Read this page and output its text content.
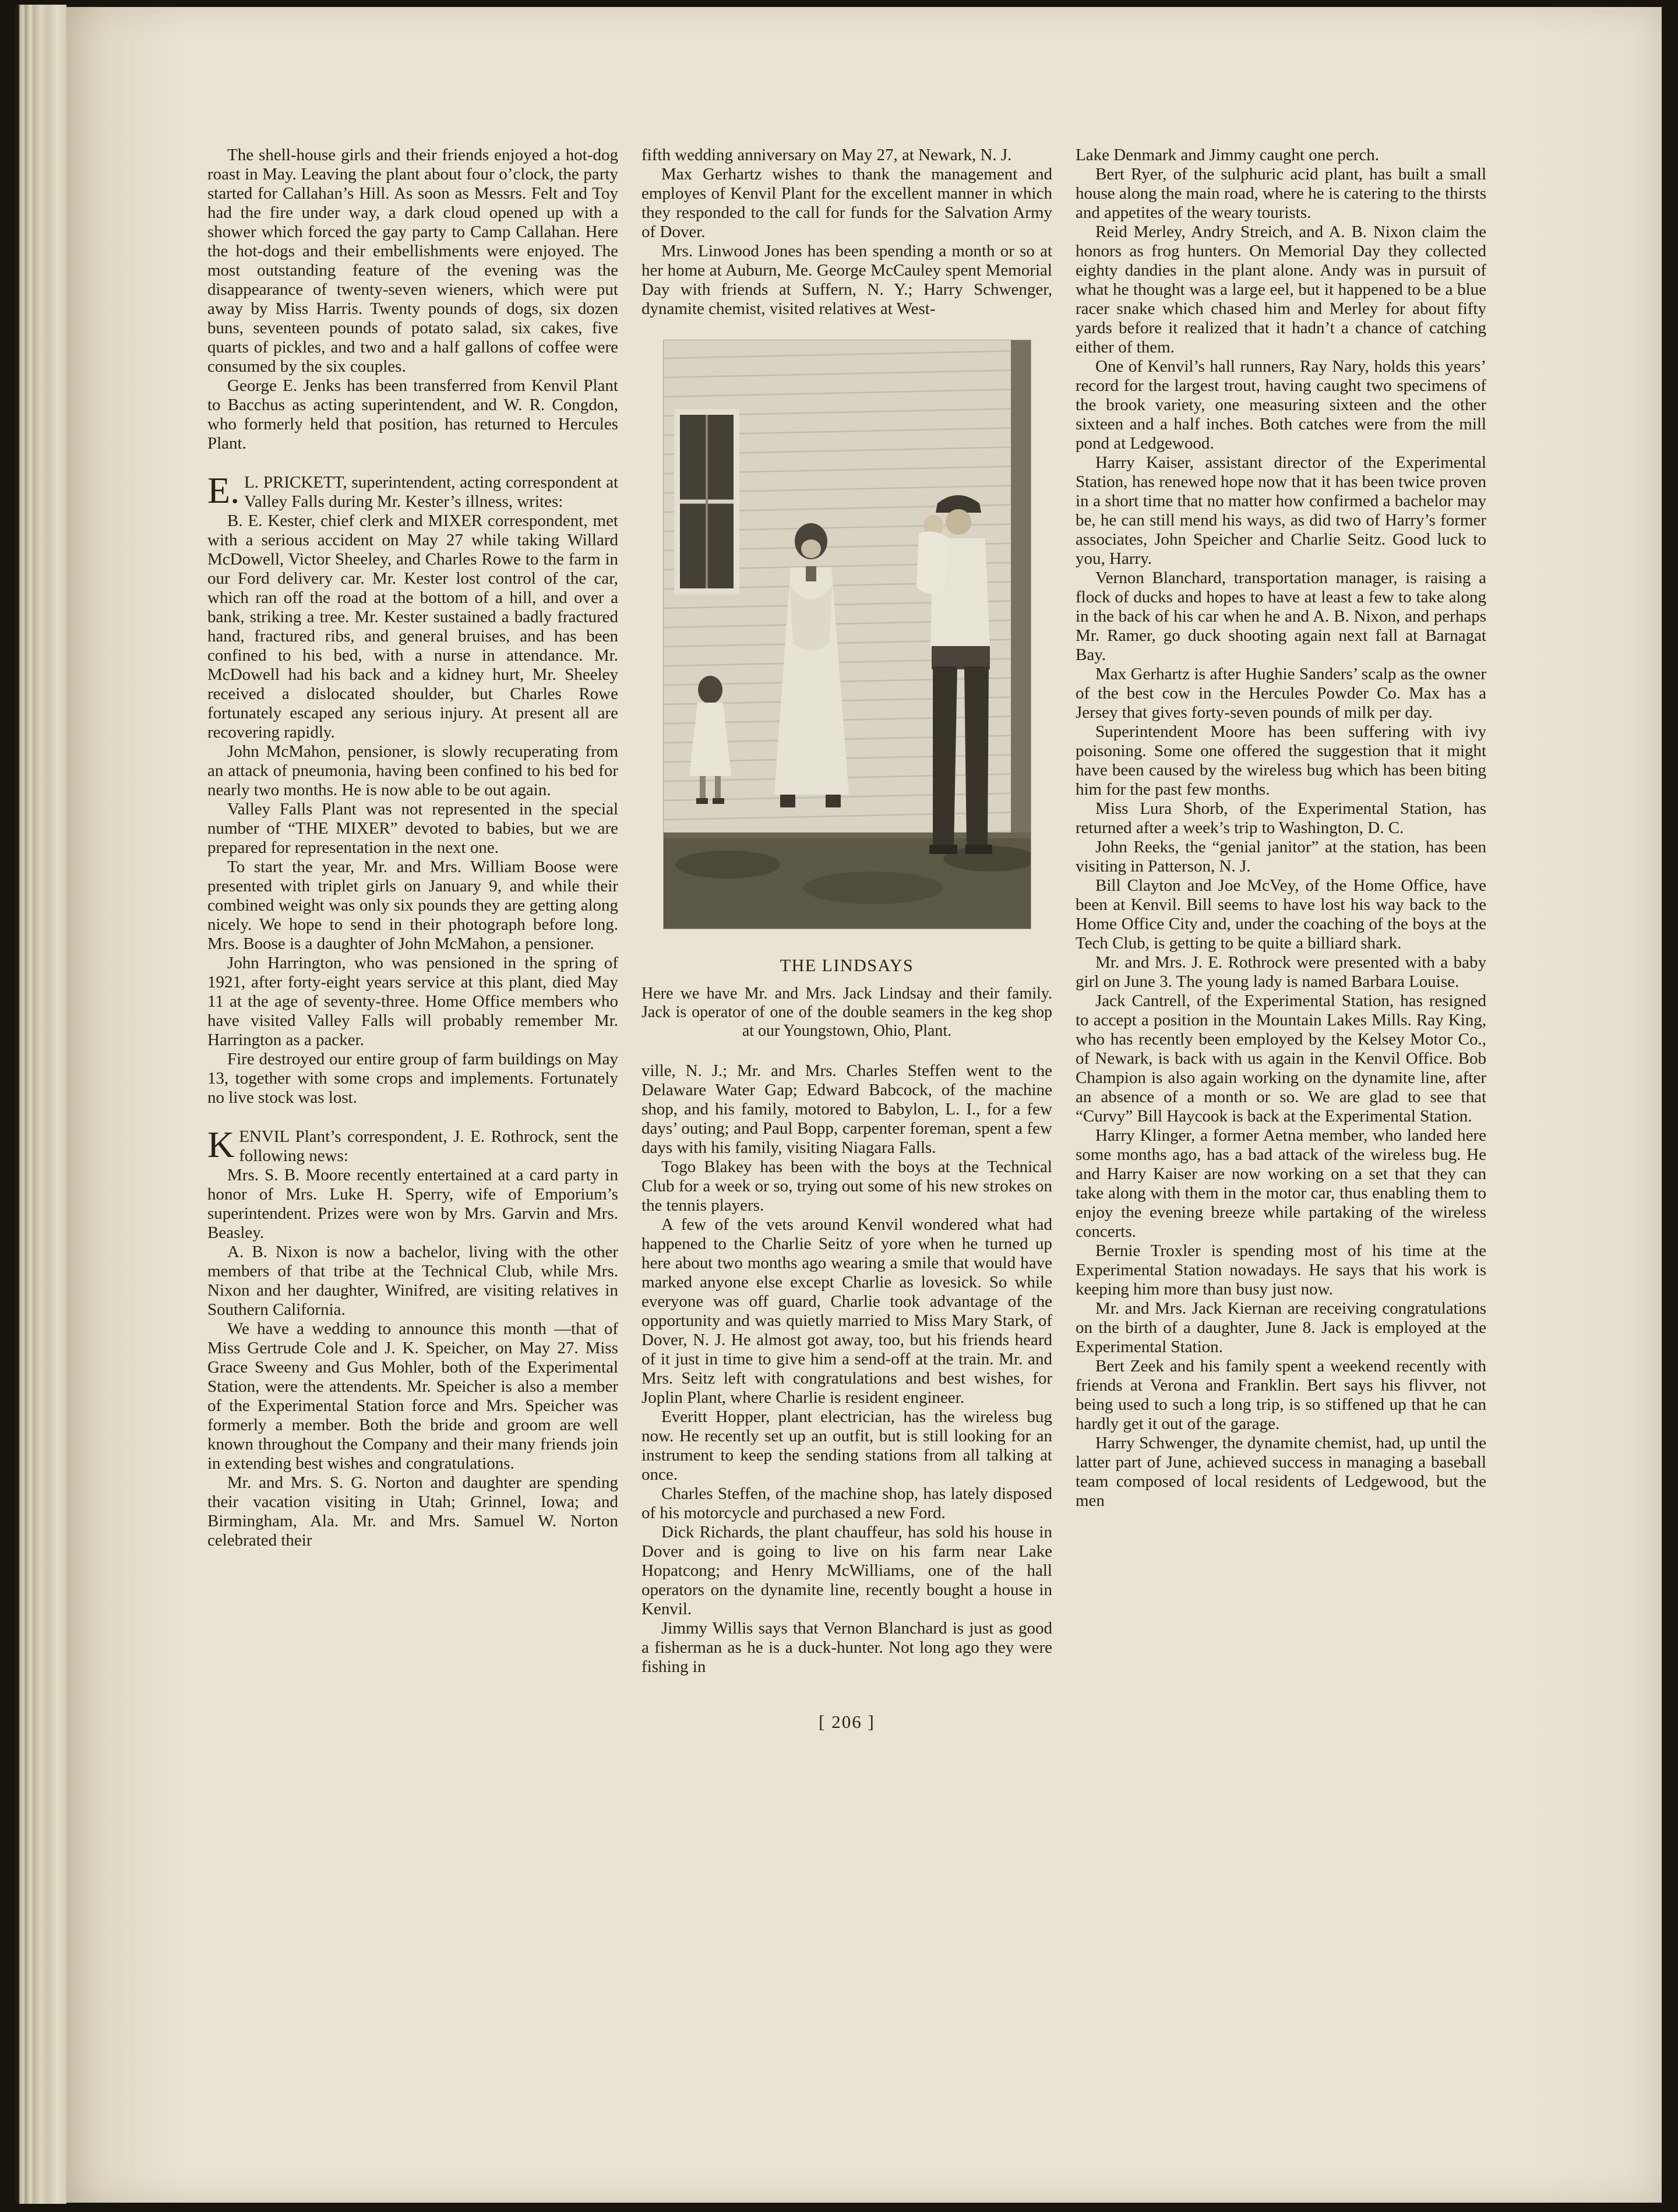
The shell-house girls and their friends enjoyed a hot-dog roast in May. Leaving the plant about four o’clock, the party started for Callahan’s Hill. As soon as Messrs. Felt and Toy had the fire under way, a dark cloud opened up with a shower which forced the gay party to Camp Callahan. Here the hot-dogs and their embellishments were enjoyed. The most outstanding feature of the evening was the disappearance of twenty-seven wieners, which were put away by Miss Harris. Twenty pounds of dogs, six dozen buns, seventeen pounds of potato salad, six cakes, five quarts of pickles, and two and a half gallons of coffee were consumed by the six couples.

George E. Jenks has been transferred from Kenvil Plant to Bacchus as acting superintendent, and W. R. Congdon, who formerly held that position, has returned to Hercules Plant.

E. L. PRICKETT, superintendent, acting correspondent at Valley Falls during Mr. Kester’s illness, writes:

B. E. Kester, chief clerk and MIXER correspondent, met with a serious accident on May 27 while taking Willard McDowell, Victor Sheeley, and Charles Rowe to the farm in our Ford delivery car. Mr. Kester lost control of the car, which ran off the road at the bottom of a hill, and over a bank, striking a tree. Mr. Kester sustained a badly fractured hand, fractured ribs, and general bruises, and has been confined to his bed, with a nurse in attendance. Mr. McDowell had his back and a kidney hurt, Mr. Sheeley received a dislocated shoulder, but Charles Rowe fortunately escaped any serious injury. At present all are recovering rapidly.

John McMahon, pensioner, is slowly recuperating from an attack of pneumonia, having been confined to his bed for nearly two months. He is now able to be out again.

Valley Falls Plant was not represented in the special number of “THE MIXER” devoted to babies, but we are prepared for representation in the next one.

To start the year, Mr. and Mrs. William Boose were presented with triplet girls on January 9, and while their combined weight was only six pounds they are getting along nicely. We hope to send in their photograph before long. Mrs. Boose is a daughter of John McMahon, a pensioner.

John Harrington, who was pensioned in the spring of 1921, after forty-eight years service at this plant, died May 11 at the age of seventy-three. Home Office members who have visited Valley Falls will probably remember Mr. Harrington as a packer.

Fire destroyed our entire group of farm buildings on May 13, together with some crops and implements. Fortunately no live stock was lost.

K ENVIL Plant’s correspondent, J. E. Rothrock, sent the following news:

Mrs. S. B. Moore recently entertained at a card party in honor of Mrs. Luke H. Sperry, wife of Emporium’s superintendent. Prizes were won by Mrs. Garvin and Mrs. Beasley.

A. B. Nixon is now a bachelor, living with the other members of that tribe at the Technical Club, while Mrs. Nixon and her daughter, Winifred, are visiting relatives in Southern California.

We have a wedding to announce this month —that of Miss Gertrude Cole and J. K. Speicher, on May 27. Miss Grace Sweeny and Gus Mohler, both of the Experimental Station, were the attendents. Mr. Speicher is also a member of the Experimental Station force and Mrs. Speicher was formerly a member. Both the bride and groom are well known throughout the Company and their many friends join in extending best wishes and congratulations.

Mr. and Mrs. S. G. Norton and daughter are spending their vacation visiting in Utah; Grinnel, Iowa; and Birmingham, Ala. Mr. and Mrs. Samuel W. Norton celebrated their

fifth wedding anniversary on May 27, at Newark, N. J.

Max Gerhartz wishes to thank the management and employes of Kenvil Plant for the excellent manner in which they responded to the call for funds for the Salvation Army of Dover.

Mrs. Linwood Jones has been spending a month or so at her home at Auburn, Me. George McCauley spent Memorial Day with friends at Suffern, N. Y.; Harry Schwenger, dynamite chemist, visited relatives at West-

THE LINDSAYS
Here we have Mr. and Mrs. Jack Lindsay and their family. Jack is operator of one of the double seamers in the keg shop at our Youngstown, Ohio, Plant.

ville, N. J.; Mr. and Mrs. Charles Steffen went to the Delaware Water Gap; Edward Babcock, of the machine shop, and his family, motored to Babylon, L. I., for a few days’ outing; and Paul Bopp, carpenter foreman, spent a few days with his family, visiting Niagara Falls.

Togo Blakey has been with the boys at the Technical Club for a week or so, trying out some of his new strokes on the tennis players.

A few of the vets around Kenvil wondered what had happened to the Charlie Seitz of yore when he turned up here about two months ago wearing a smile that would have marked anyone else except Charlie as lovesick. So while everyone was off guard, Charlie took advantage of the opportunity and was quietly married to Miss Mary Stark, of Dover, N. J. He almost got away, too, but his friends heard of it just in time to give him a send-off at the train. Mr. and Mrs. Seitz left with congratulations and best wishes, for Joplin Plant, where Charlie is resident engineer.

Everitt Hopper, plant electrician, has the wireless bug now. He recently set up an outfit, but is still looking for an instrument to keep the sending stations from all talking at once.

Charles Steffen, of the machine shop, has lately disposed of his motorcycle and purchased a new Ford.

Dick Richards, the plant chauffeur, has sold his house in Dover and is going to live on his farm near Lake Hopatcong; and Henry McWilliams, one of the hall operators on the dynamite line, recently bought a house in Kenvil.

Jimmy Willis says that Vernon Blanchard is just as good a fisherman as he is a duck-hunter. Not long ago they were fishing in

Lake Denmark and Jimmy caught one perch.

Bert Ryer, of the sulphuric acid plant, has built a small house along the main road, where he is catering to the thirsts and appetites of the weary tourists.

Reid Merley, Andry Streich, and A. B. Nixon claim the honors as frog hunters. On Memorial Day they collected eighty dandies in the plant alone. Andy was in pursuit of what he thought was a large eel, but it happened to be a blue racer snake which chased him and Merley for about fifty yards before it realized that it hadn’t a chance of catching either of them.

One of Kenvil’s hall runners, Ray Nary, holds this years’ record for the largest trout, having caught two specimens of the brook variety, one measuring sixteen and the other sixteen and a half inches. Both catches were from the mill pond at Ledgewood.

Harry Kaiser, assistant director of the Experimental Station, has renewed hope now that it has been twice proven in a short time that no matter how confirmed a bachelor may be, he can still mend his ways, as did two of Harry’s former associates, John Speicher and Charlie Seitz. Good luck to you, Harry.

Vernon Blanchard, transportation manager, is raising a flock of ducks and hopes to have at least a few to take along in the back of his car when he and A. B. Nixon, and perhaps Mr. Ramer, go duck shooting again next fall at Barnagat Bay.

Max Gerhartz is after Hughie Sanders’ scalp as the owner of the best cow in the Hercules Powder Co. Max has a Jersey that gives forty-seven pounds of milk per day.

Superintendent Moore has been suffering with ivy poisoning. Some one offered the suggestion that it might have been caused by the wireless bug which has been biting him for the past few months.

Miss Lura Shorb, of the Experimental Station, has returned after a week’s trip to Washington, D. C.

John Reeks, the “genial janitor” at the station, has been visiting in Patterson, N. J.

Bill Clayton and Joe McVey, of the Home Office, have been at Kenvil. Bill seems to have lost his way back to the Home Office City and, under the coaching of the boys at the Tech Club, is getting to be quite a billiard shark.

Mr. and Mrs. J. E. Rothrock were presented with a baby girl on June 3. The young lady is named Barbara Louise.

Jack Cantrell, of the Experimental Station, has resigned to accept a position in the Mountain Lakes Mills. Ray King, who has recently been employed by the Kelsey Motor Co., of Newark, is back with us again in the Kenvil Office. Bob Champion is also again working on the dynamite line, after an absence of a month or so. We are glad to see that “Curvy” Bill Haycook is back at the Experimental Station.

Harry Klinger, a former Aetna member, who landed here some months ago, has a bad attack of the wireless bug. He and Harry Kaiser are now working on a set that they can take along with them in the motor car, thus enabling them to enjoy the evening breeze while partaking of the wireless concerts.

Bernie Troxler is spending most of his time at the Experimental Station nowadays. He says that his work is keeping him more than busy just now.

Mr. and Mrs. Jack Kiernan are receiving congratulations on the birth of a daughter, June 8. Jack is employed at the Experimental Station.

Bert Zeek and his family spent a weekend recently with friends at Verona and Franklin. Bert says his flivver, not being used to such a long trip, is so stiffened up that he can hardly get it out of the garage.

Harry Schwenger, the dynamite chemist, had, up until the latter part of June, achieved success in managing a baseball team composed of local residents of Ledgewood, but the men

[ 206 ]
